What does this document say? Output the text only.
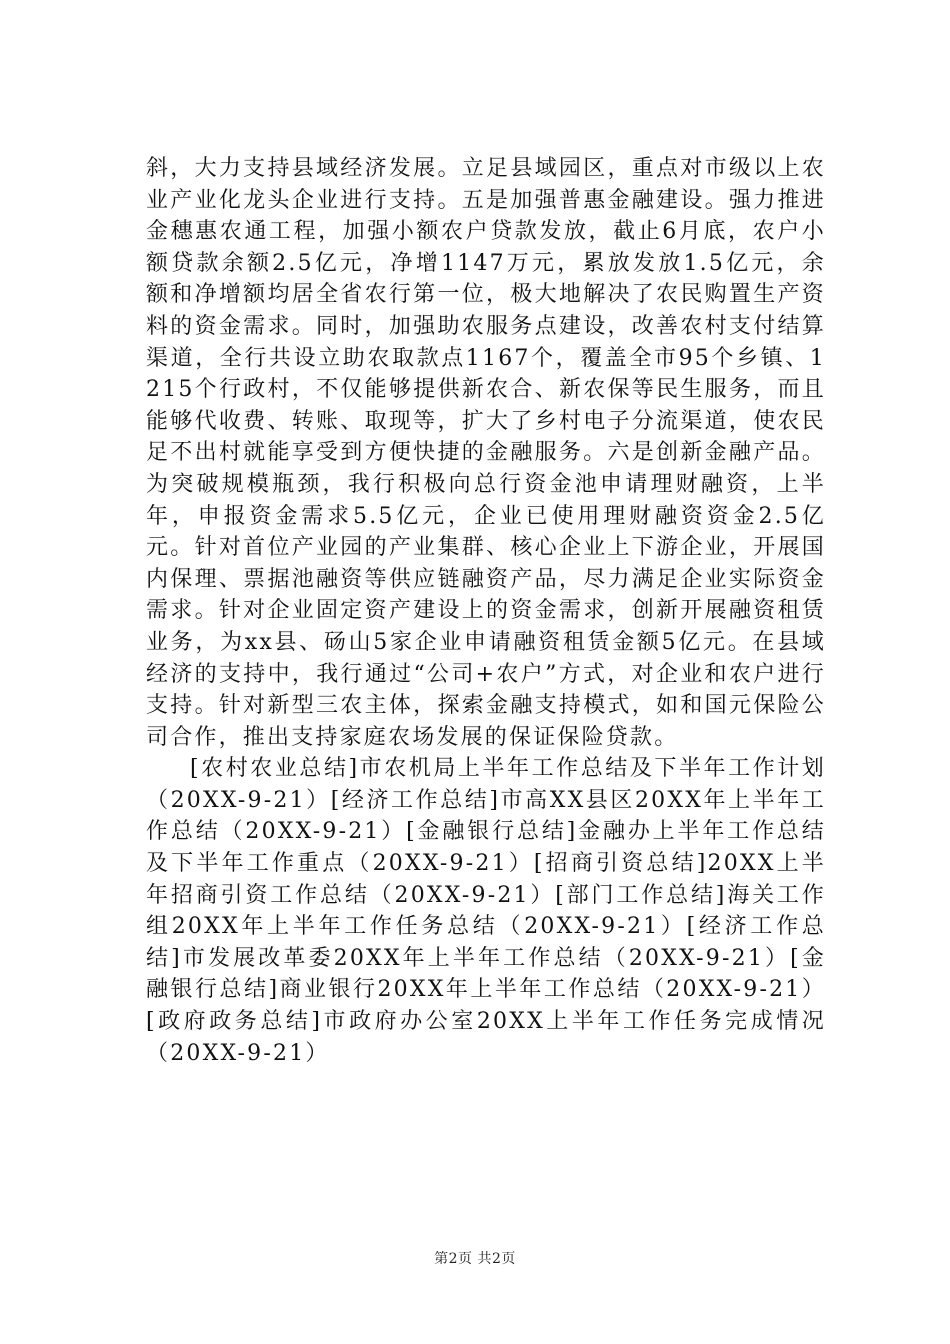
斜，大力支持县域经济发展。立足县域园区，重点对市级以上农业产业化龙头企业进行支持。五是加强普惠金融建设。强力推进金穗惠农通工程，加强小额农户贷款发放，截止6月底，农户小额贷款余额2.5亿元，净增1147万元，累放发放1.5亿元，余额和净增额均居全省农行第一位，极大地解决了农民购置生产资料的资金需求。同时，加强助农服务点建设，改善农村支付结算渠道，全行共设立助农取款点1167个，覆盖全市95个乡镇、1215个行政村，不仅能够提供新农合、新农保等民生服务，而且能够代收费、转账、取现等，扩大了乡村电子分流渠道，使农民足不出村就能享受到方便快捷的金融服务。六是创新金融产品。为突破规模瓶颈，我行积极向总行资金池申请理财融资，上半年，申报资金需求5.5亿元，企业已使用理财融资资金2.5亿元。针对首位产业园的产业集群、核心企业上下游企业，开展国内保理、票据池融资等供应链融资产品，尽力满足企业实际资金需求。针对企业固定资产建设上的资金需求，创新开展融资租赁业务，为xx县、砀山5家企业申请融资租赁金额5亿元。在县域经济的支持中，我行通过“公司+农户”方式，对企业和农户进行支持。针对新型三农主体，探索金融支持模式，如和国元保险公司合作，推出支持家庭农场发展的保证保险贷款。

[农村农业总结]市农机局上半年工作总结及下半年工作计划（20XX-9-21）[经济工作总结]市高XX县区20XX年上半年工作总结（20XX-9-21）[金融银行总结]金融办上半年工作总结及下半年工作重点（20XX-9-21）[招商引资总结]20XX上半年招商引资工作总结（20XX-9-21）[部门工作总结]海关工作组20XX年上半年工作任务总结（20XX-9-21）[经济工作总结]市发展改革委20XX年上半年工作总结（20XX-9-21）[金融银行总结]商业银行20XX年上半年工作总结（20XX-9-21）[政府政务总结]市政府办公室20XX上半年工作任务完成情况（20XX-9-21）

第2页 共2页
